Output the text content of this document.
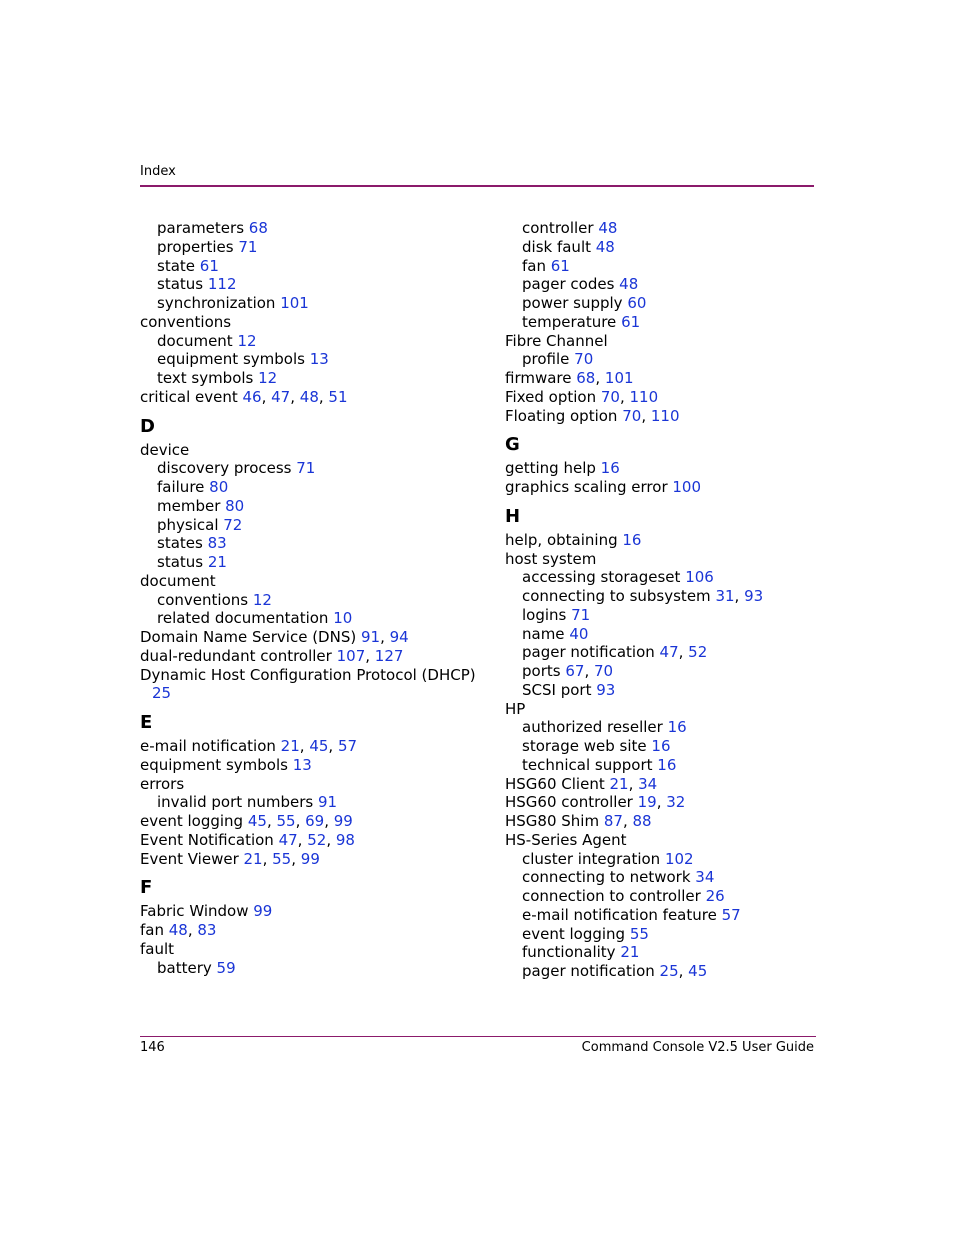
Index
parameters 68
properties 71
state 61
status 112
synchronization 101
conventions
document 12
equipment symbols 13
text symbols 12
critical event 46, 47, 48, 51
D
device
discovery process 71
failure 80
member 80
physical 72
states 83
status 21
document
conventions 12
related documentation 10
Domain Name Service (DNS) 91, 94
dual-redundant controller 107, 127
Dynamic Host Configuration Protocol (DHCP)
25
E
e-mail notification 21, 45, 57
equipment symbols 13
errors
invalid port numbers 91
event logging 45, 55, 69, 99
Event Notification 47, 52, 98
Event Viewer 21, 55, 99
F
Fabric Window 99
fan 48, 83
fault
battery 59
controller 48
disk fault 48
fan 61
pager codes 48
power supply 60
temperature 61
Fibre Channel
profile 70
firmware 68, 101
Fixed option 70, 110
Floating option 70, 110
G
getting help 16
graphics scaling error 100
H
help, obtaining 16
host system
accessing storageset 106
connecting to subsystem 31, 93
logins 71
name 40
pager notification 47, 52
ports 67, 70
SCSI port 93
HP
authorized reseller 16
storage web site 16
technical support 16
HSG60 Client 21, 34
HSG60 controller 19, 32
HSG80 Shim 87, 88
HS-Series Agent
cluster integration 102
connecting to network 34
connection to controller 26
e-mail notification feature 57
event logging 55
functionality 21
pager notification 25, 45
146	Command Console V2.5 User Guide
